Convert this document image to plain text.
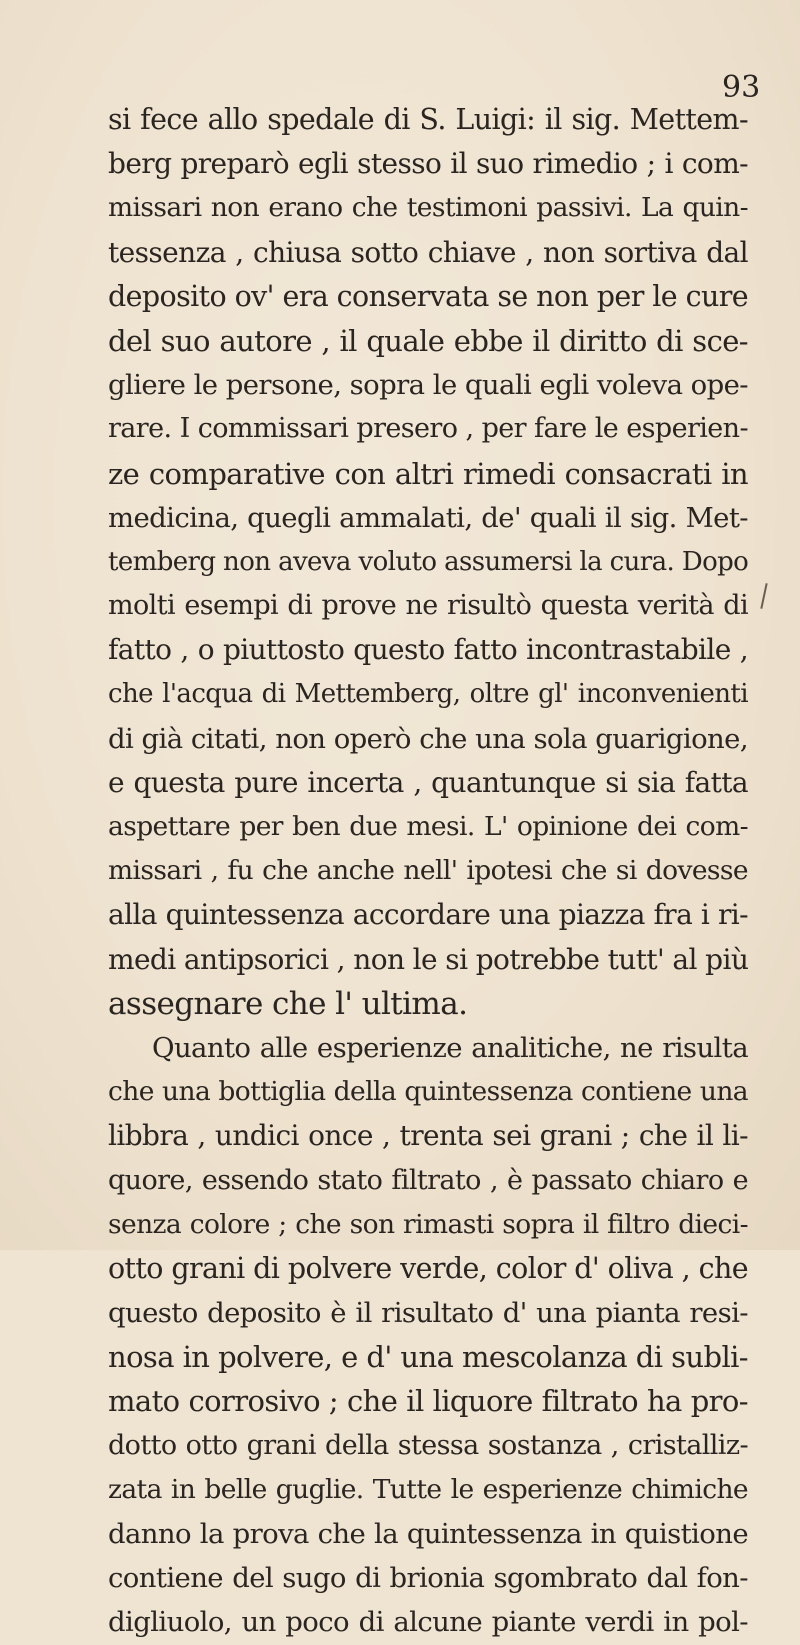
93
si fece allo spedale di S. Luigi: il sig. Mettem-
berg preparò egli stesso il suo rimedio ; i com-
missari non erano che testimoni passivi. La quin-
tessenza , chiusa sotto chiave , non sortiva dal
deposito ov' era conservata se non per le cure
del suo autore , il quale ebbe il diritto di sce-
gliere le persone, sopra le quali egli voleva ope-
rare. I commissari presero , per fare le esperien-
ze comparative con altri rimedi consacrati in
medicina, quegli ammalati, de' quali il sig. Met-
temberg non aveva voluto assumersi la cura. Dopo
molti esempi di prove ne risultò questa verità di
fatto , o piuttosto questo fatto incontrastabile ,
che l'acqua di Mettemberg, oltre gl' inconvenienti
di già citati, non operò che una sola guarigione,
e questa pure incerta , quantunque si sia fatta
aspettare per ben due mesi. L' opinione dei com-
missari , fu che anche nell' ipotesi che si dovesse
alla quintessenza accordare una piazza fra i ri-
medi antipsorici , non le si potrebbe tutt' al più
assegnare che l' ultima.
Quanto alle esperienze analitiche, ne risulta
che una bottiglia della quintessenza contiene una
libbra , undici once , trenta sei grani ; che il li-
quore, essendo stato filtrato , è passato chiaro e
senza colore ; che son rimasti sopra il filtro dieci-
otto grani di polvere verde, color d' oliva , che
questo deposito è il risultato d' una pianta resi-
nosa in polvere, e d' una mescolanza di subli-
mato corrosivo ; che il liquore filtrato ha pro-
dotto otto grani della stessa sostanza , cristalliz-
zata in belle guglie. Tutte le esperienze chimiche
danno la prova che la quintessenza in quistione
contiene del sugo di brionia sgombrato dal fon-
digliuolo, un poco di alcune piante verdi in pol-
